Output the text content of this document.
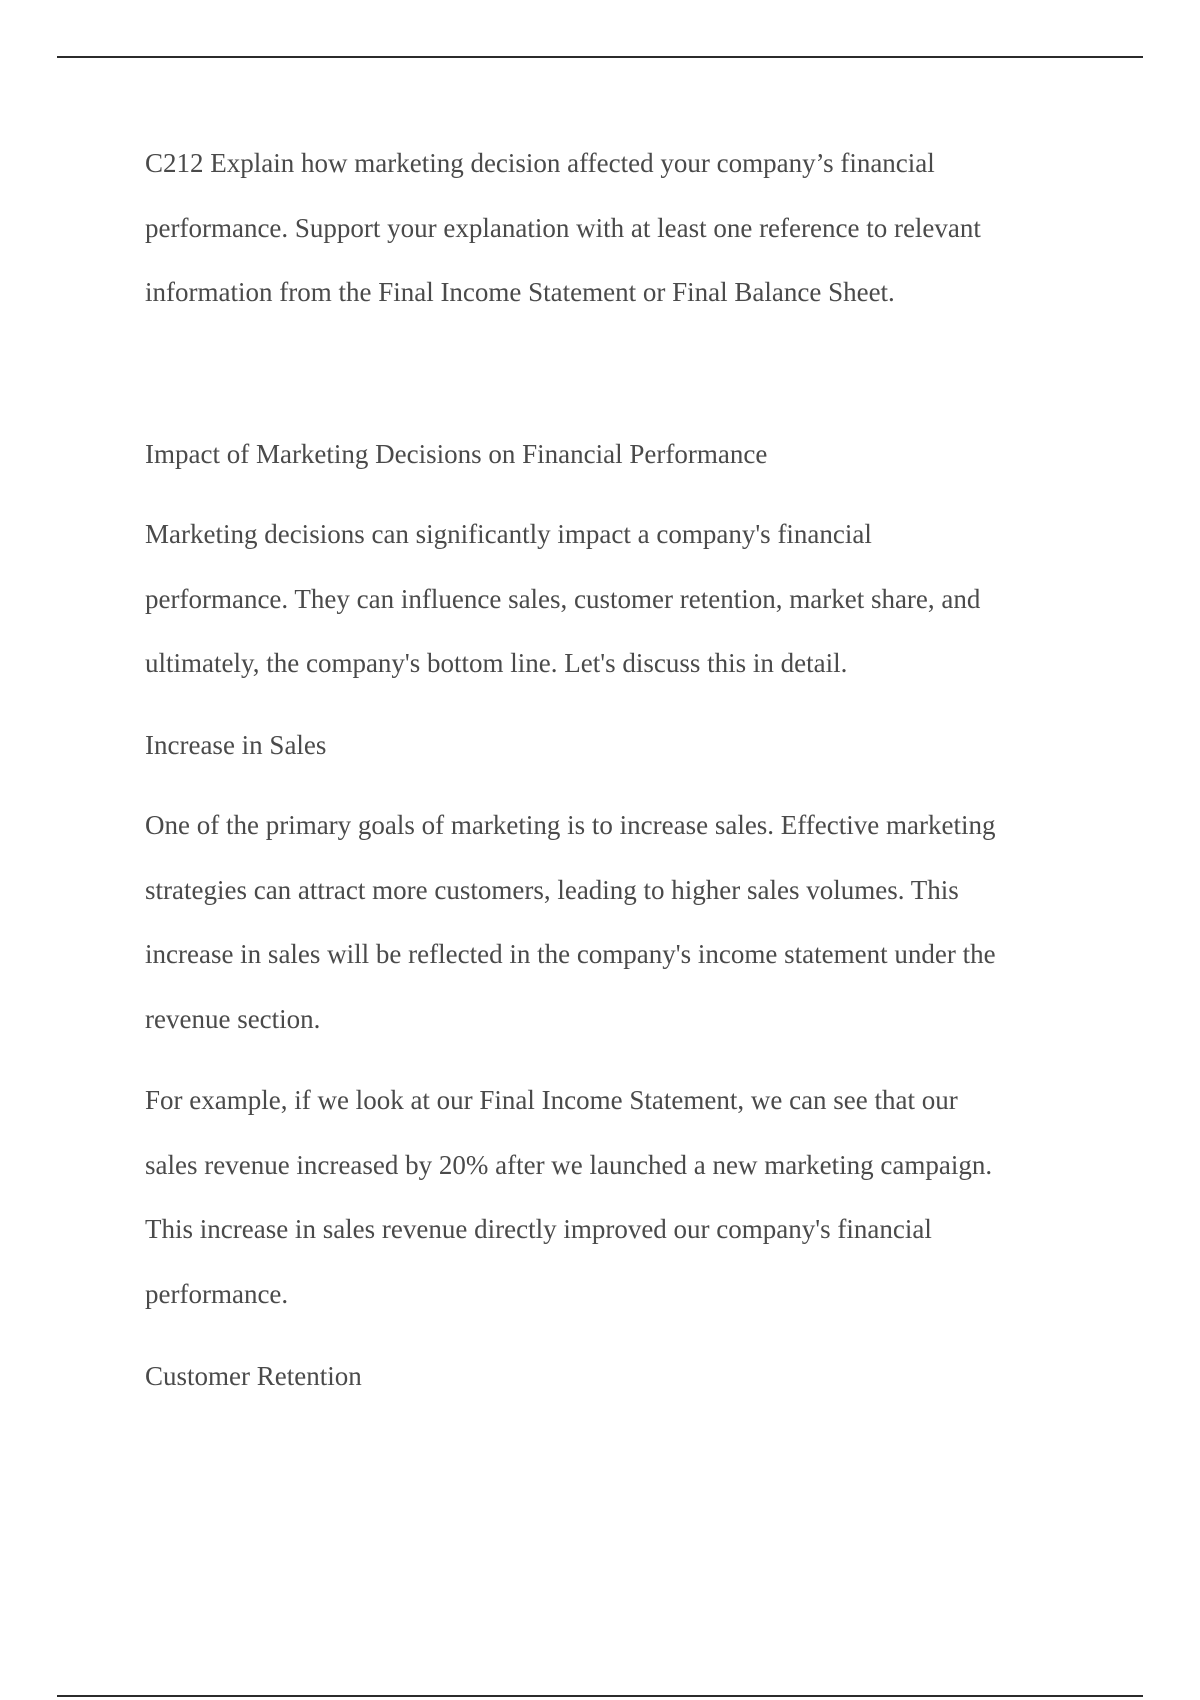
C212 Explain how marketing decision affected your company’s financial
performance. Support your explanation with at least one reference to relevant
information from the Final Income Statement or Final Balance Sheet.

Impact of Marketing Decisions on Financial Performance

Marketing decisions can significantly impact a company's financial
performance. They can influence sales, customer retention, market share, and
ultimately, the company's bottom line. Let's discuss this in detail.

Increase in Sales

One of the primary goals of marketing is to increase sales. Effective marketing
strategies can attract more customers, leading to higher sales volumes. This
increase in sales will be reflected in the company's income statement under the
revenue section.

For example, if we look at our Final Income Statement, we can see that our
sales revenue increased by 20% after we launched a new marketing campaign.
This increase in sales revenue directly improved our company's financial
performance.

Customer Retention
